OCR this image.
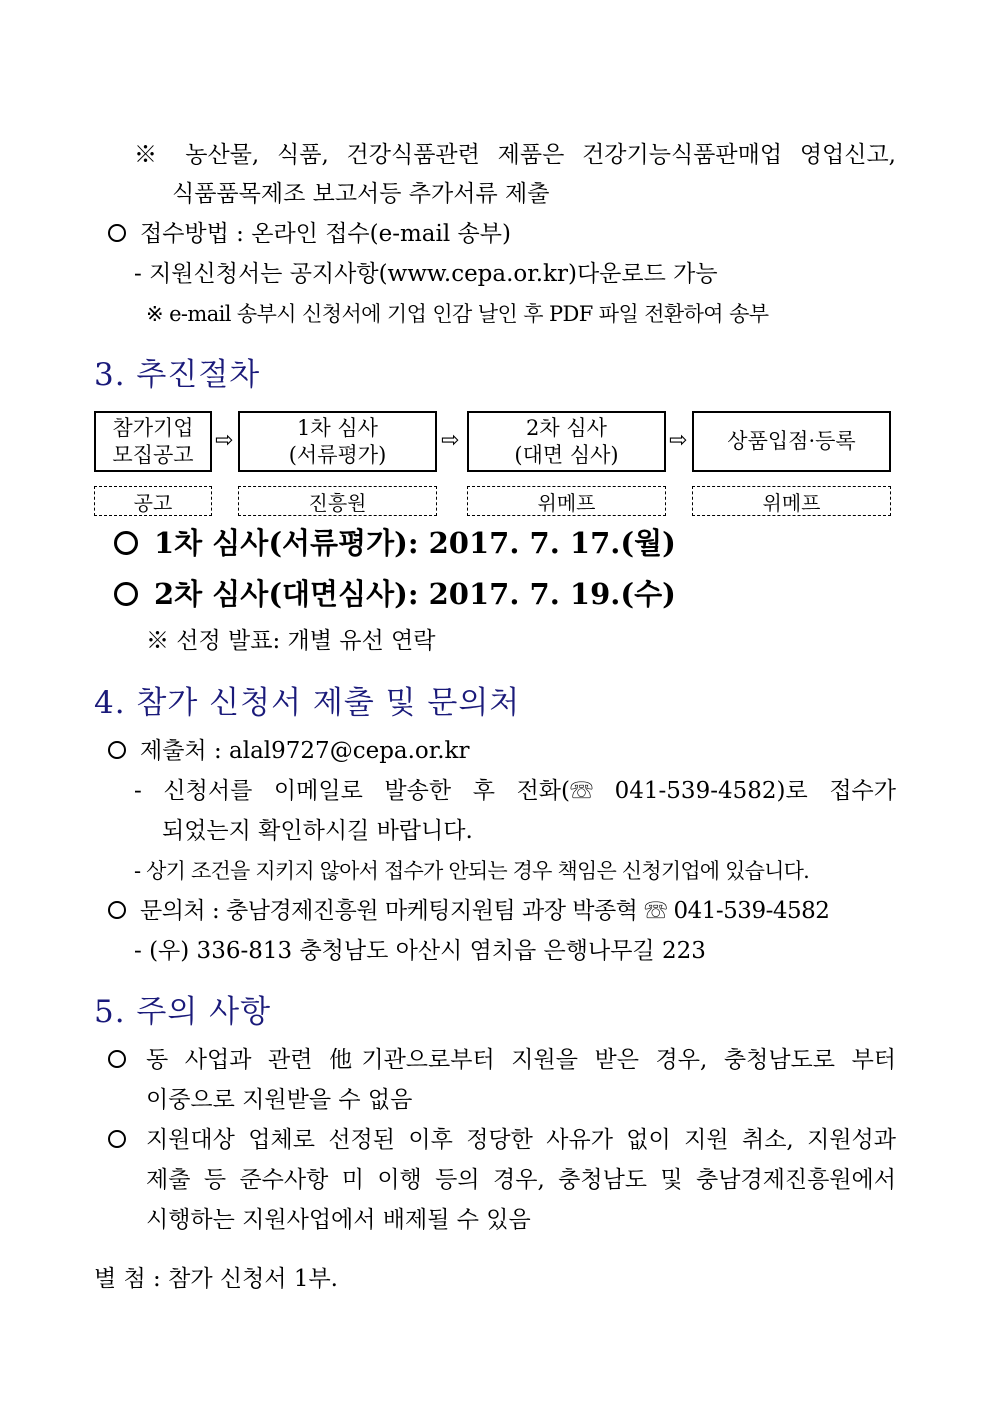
※ 농산물, 식품, 건강식품관련 제품은 건강기능식품판매업 영업신고,
식품품목제조 보고서등 추가서류 제출
접수방법 : 온라인 접수(e-mail 송부)
- 지원신청서는 공지사항(www.cepa.or.kr)다운로드 가능
※ e-mail 송부시 신청서에 기업 인감 날인 후 PDF 파일 전환하여 송부
3. 추진절차
참가기업
모집공고
⇨
1차 심사
(서류평가)
⇨
2차 심사
(대면 심사)
⇨ 상품입점·등록
공고	진흥원	위메프	위메프
1차 심사(서류평가): 2017. 7. 17.(월)
2차 심사(대면심사): 2017. 7. 19.(수)
※ 선정 발표: 개별 유선 연락
4. 참가 신청서 제출 및 문의처
제출처 : alal9727@cepa.or.kr
- 신청서를 이메일로 발송한 후 전화(☏ 041-539-4582)로 접수가
되었는지 확인하시길 바랍니다.
- 상기 조건을 지키지 않아서 접수가 안되는 경우 책임은 신청기업에 있습니다.
문의처 : 충남경제진흥원 마케팅지원팀 과장 박종혁 ☏ 041-539-4582
- (우) 336-813 충청남도 아산시 염치읍 은행나무길 223
5. 주의 사항
동 사업과 관련 他기관으로부터 지원을 받은 경우, 충청남도로 부터
이중으로 지원받을 수 없음
지원대상 업체로 선정된 이후 정당한 사유가 없이 지원 취소, 지원성과
제출 등 준수사항 미 이행 등의 경우, 충청남도 및 충남경제진흥원에서
시행하는 지원사업에서 배제될 수 있음
별 첨 : 참가 신청서 1부.
